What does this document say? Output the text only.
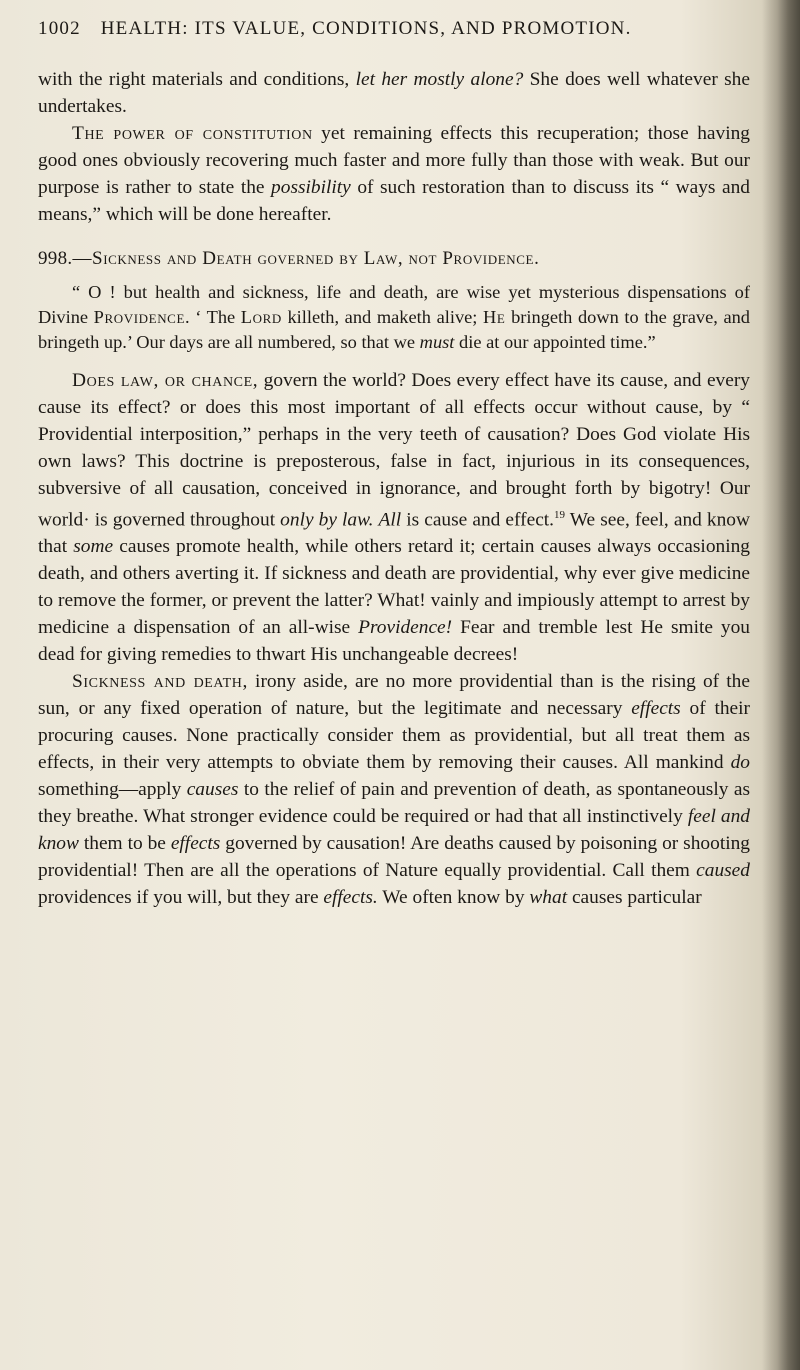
1002 HEALTH: ITS VALUE, CONDITIONS, AND PROMOTION.

with the right materials and conditions, let her mostly alone? She does well whatever she undertakes.

The power of constitution yet remaining effects this recuperation; those having good ones obviously recovering much faster and more fully than those with weak. But our purpose is rather to state the possibility of such restoration than to discuss its “ ways and means,” which will be done hereafter.

998.—Sickness and Death governed by Law, not Providence.

“ O ! but health and sickness, life and death, are wise yet mysterious dispensations of Divine Providence. ‘ The Lord killeth, and maketh alive; He bringeth down to the grave, and bringeth up.’ Our days are all numbered, so that we must die at our appointed time.”

Does law, or chance, govern the world? Does every effect have its cause, and every cause its effect? or does this most important of all effects occur without cause, by “ Providential interposition,” perhaps in the very teeth of causation? Does God violate His own laws? This doctrine is preposterous, false in fact, injurious in its consequences, subversive of all causation, conceived in ignorance, and brought forth by bigotry! Our world· is governed throughout only by law. All is cause and effect.$^{19}$ We see, feel, and know that some causes promote health, while others retard it; certain causes always occasioning death, and others averting it. If sickness and death are providential, why ever give medicine to remove the former, or prevent the latter? What! vainly and impiously attempt to arrest by medicine a dispensation of an all-wise Providence! Fear and tremble lest He smite you dead for giving remedies to thwart His unchangeable decrees!

Sickness and death, irony aside, are no more providential than is the rising of the sun, or any fixed operation of nature, but the legitimate and necessary effects of their procuring causes. None practically consider them as providential, but all treat them as effects, in their very attempts to obviate them by removing their causes. All mankind do something—apply causes to the relief of pain and prevention of death, as spontaneously as they breathe. What stronger evidence could be required or had that all instinctively feel and know them to be effects governed by causation! Are deaths caused by poisoning or shooting providential! Then are all the operations of Nature equally providential. Call them caused providences if you will, but they are effects. We often know by what causes particular
